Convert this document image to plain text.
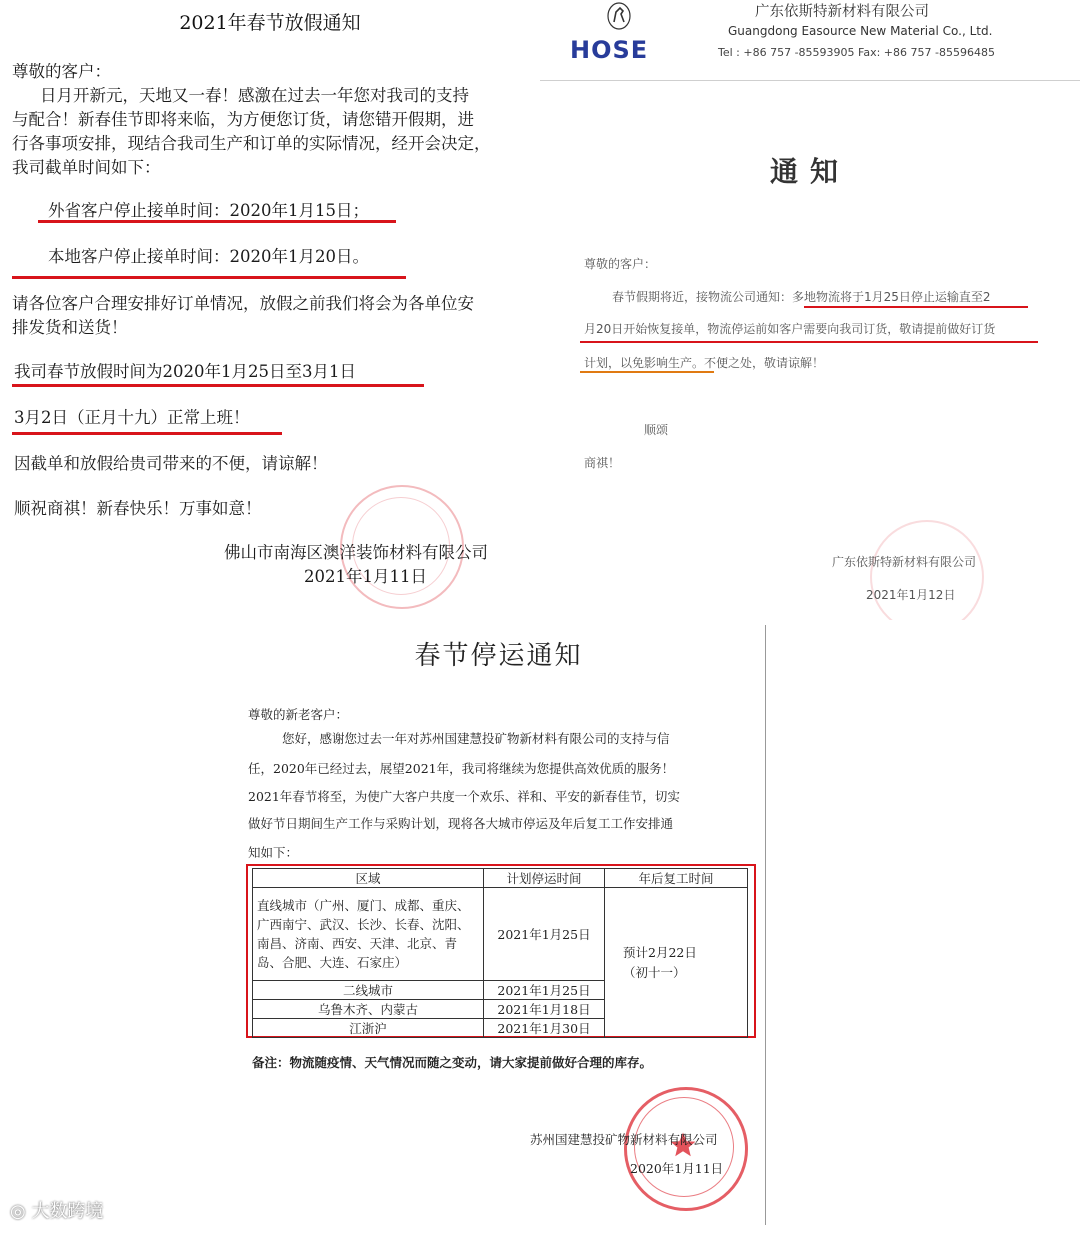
2021年春节放假通知
尊敬的客户：
日月开新元，天地又一春！感激在过去一年您对我司的支持
与配合！新春佳节即将来临，为方便您订货，请您错开假期，进
行各事项安排，现结合我司生产和订单的实际情况，经开会决定，
我司截单时间如下：
外省客户停止接单时间：2020年1月15日；
本地客户停止接单时间：2020年1月20日。
请各位客户合理安排好订单情况，放假之前我们将会为各单位安
排发货和送货！
我司春节放假时间为2020年1月25日至3月1日
3月2日（正月十九）正常上班！
因截单和放假给贵司带来的不便，请谅解！
顺祝商祺！新春快乐！万事如意！
佛山市南海区澳洋装饰材料有限公司
2021年1月11日
HOSE
广东依斯特新材料有限公司
Guangdong Easource New Material Co., Ltd.
Tel : +86 757 -85593905 Fax: +86 757 -85596485
通知
尊敬的客户：
春节假期将近，接物流公司通知：多地物流将于1月25日停止运输直至2
月20日开始恢复接单，物流停运前如客户需要向我司订货，敬请提前做好订货
计划，以免影响生产。不便之处，敬请谅解！
顺颂
商祺！
广东依斯特新材料有限公司
2021年1月12日
春节停运通知
尊敬的新老客户：
您好，感谢您过去一年对苏州国建慧投矿物新材料有限公司的支持与信
任，2020年已经过去，展望2021年，我司将继续为您提供高效优质的服务！
2021年春节将至，为使广大客户共度一个欢乐、祥和、平安的新春佳节，切实
做好节日期间生产工作与采购计划，现将各大城市停运及年后复工工作安排通
知如下：
区域	计划停运时间	年后复工时间
直线城市（广州、厦门、成都、重庆、广西南宁、武汉、长沙、长春、沈阳、南昌、济南、西安、天津、北京、青岛、合肥、大连、石家庄）	2021年1月25日	预计2月22日
（初十一）

二线城市	2021年1月25日	
乌鲁木齐、内蒙古	2021年1月18日	
江浙沪	2021年1月30日	
备注：物流随疫情、天气情况而随之变动，请大家提前做好合理的库存。
苏州国建慧投矿物新材料有限公司
2020年1月11日
◎ 大数跨境
